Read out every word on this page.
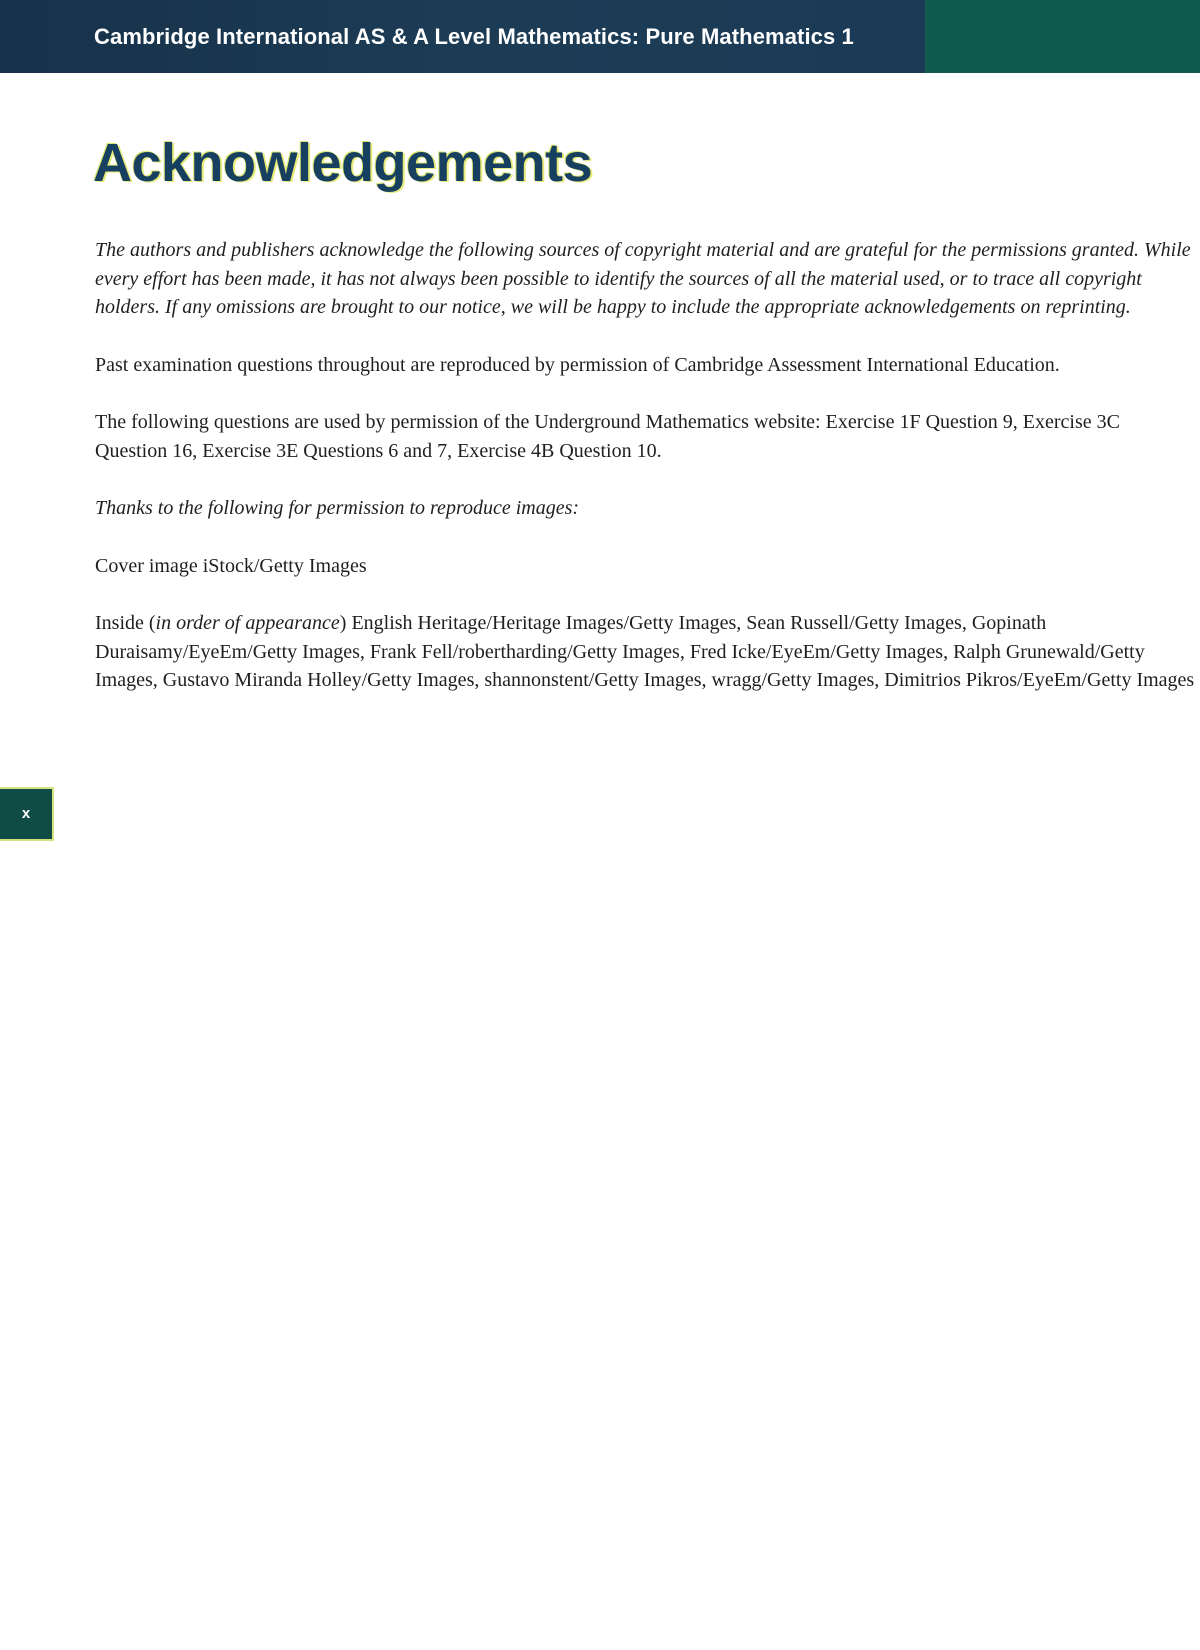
Cambridge International AS & A Level Mathematics: Pure Mathematics 1
Acknowledgements

The authors and publishers acknowledge the following sources of copyright material and are grateful for the permissions granted. While every effort has been made, it has not always been possible to identify the sources of all the material used, or to trace all copyright holders. If any omissions are brought to our notice, we will be happy to include the appropriate acknowledgements on reprinting.

Past examination questions throughout are reproduced by permission of Cambridge Assessment International Education.

The following questions are used by permission of the Underground Mathematics website: Exercise 1F Question 9, Exercise 3C Question 16, Exercise 3E Questions 6 and 7, Exercise 4B Question 10.

Thanks to the following for permission to reproduce images:

Cover image iStock/Getty Images

Inside (in order of appearance) English Heritage/Heritage Images/Getty Images, Sean Russell/Getty Images, Gopinath Duraisamy/EyeEm/Getty Images, Frank Fell/robertharding/Getty Images, Fred Icke/EyeEm/Getty Images, Ralph Grunewald/Getty Images, Gustavo Miranda Holley/Getty Images, shannonstent/Getty Images, wragg/Getty Images, Dimitrios Pikros/EyeEm/Getty Images

x
